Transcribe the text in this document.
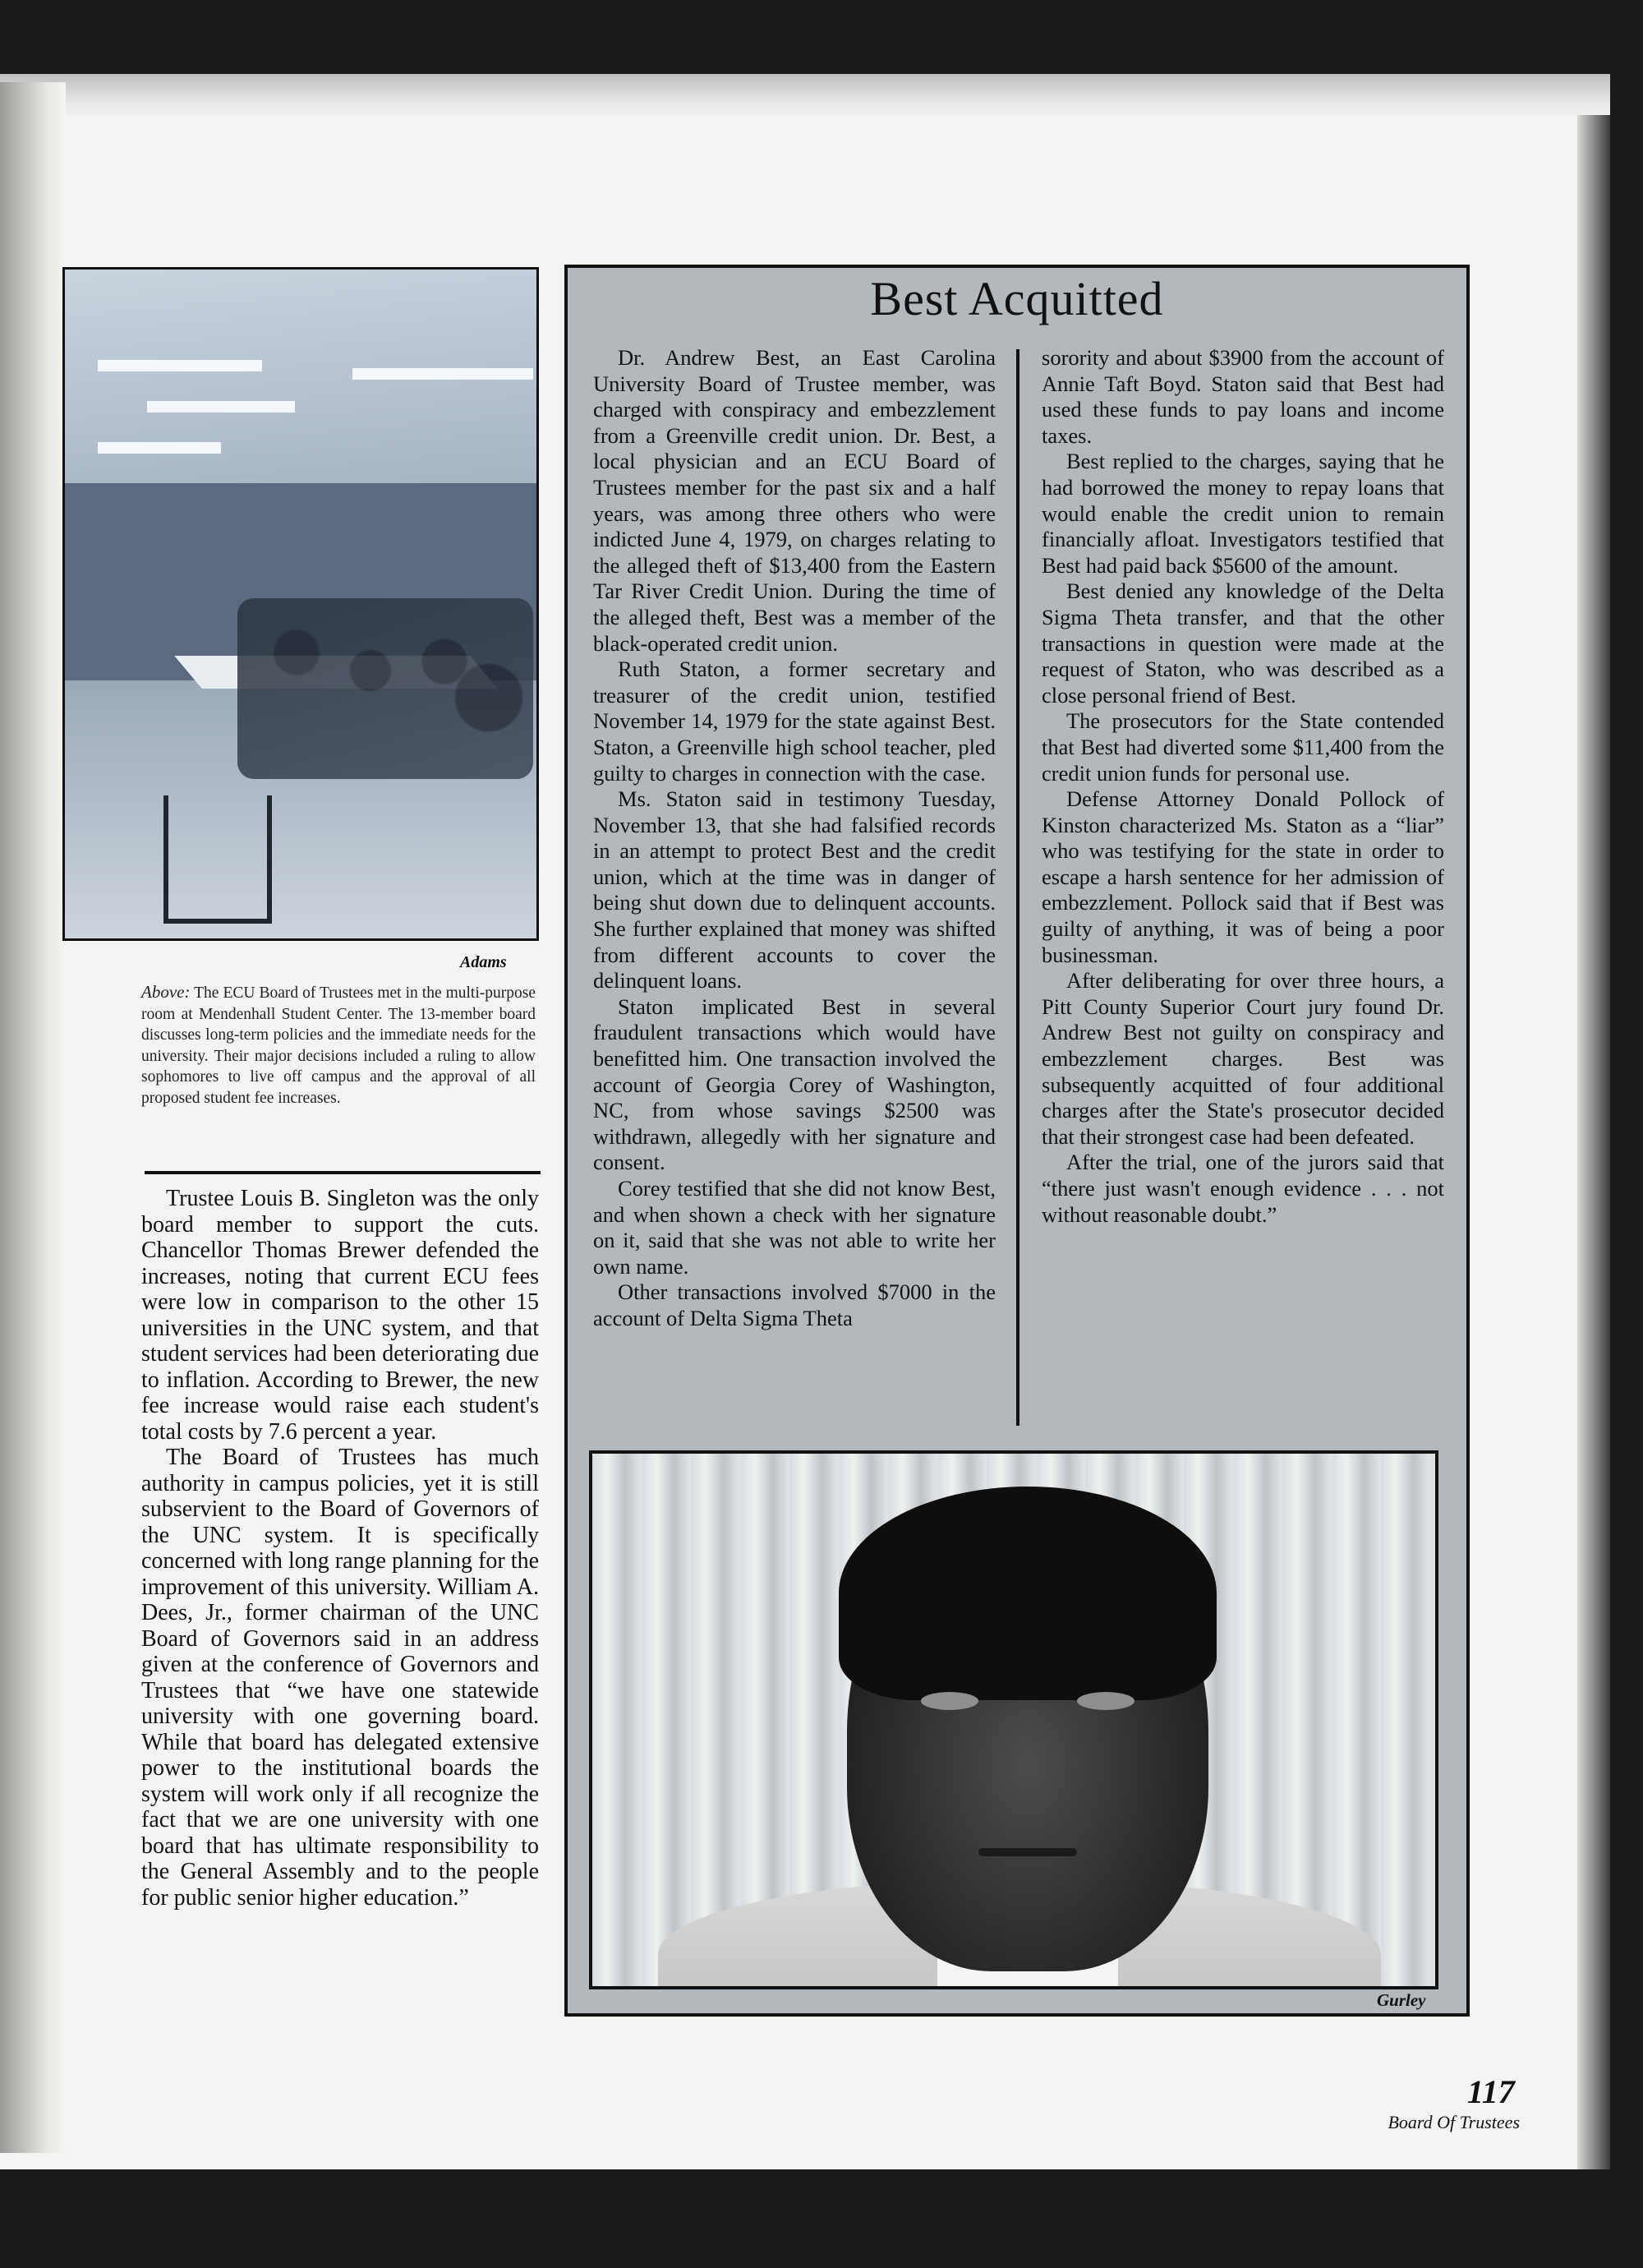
Adams
Above: The ECU Board of Trustees met in the multi-purpose room at Mendenhall Student Center. The 13-member board discusses long-term policies and the immediate needs for the university. Their major decisions included a ruling to allow sophomores to live off campus and the approval of all proposed student fee increases.

Trustee Louis B. Singleton was the only board member to support the cuts. Chancellor Thomas Brewer defended the increases, noting that current ECU fees were low in comparison to the other 15 universities in the UNC system, and that student services had been deteriorating due to inflation. According to Brewer, the new fee increase would raise each student's total costs by 7.6 percent a year.

The Board of Trustees has much authority in campus policies, yet it is still subservient to the Board of Governors of the UNC system. It is specifically concerned with long range planning for the improvement of this university. William A. Dees, Jr., former chairman of the UNC Board of Governors said in an address given at the conference of Governors and Trustees that “we have one statewide university with one governing board. While that board has delegated extensive power to the institutional boards the system will work only if all recognize the fact that we are one university with one board that has ultimate responsibility to the General Assembly and to the people for public senior higher education.”

Best Acquitted

Dr. Andrew Best, an East Carolina University Board of Trustee member, was charged with conspiracy and embezzlement from a Greenville credit union. Dr. Best, a local physician and an ECU Board of Trustees member for the past six and a half years, was among three others who were indicted June 4, 1979, on charges relating to the alleged theft of $13,400 from the Eastern Tar River Credit Union. During the time of the alleged theft, Best was a member of the black-operated credit union.

Ruth Staton, a former secretary and treasurer of the credit union, testified November 14, 1979 for the state against Best. Staton, a Greenville high school teacher, pled guilty to charges in connection with the case.

Ms. Staton said in testimony Tuesday, November 13, that she had falsified records in an attempt to protect Best and the credit union, which at the time was in danger of being shut down due to delinquent accounts. She further explained that money was shifted from different accounts to cover the delinquent loans.

Staton implicated Best in several fraudulent transactions which would have benefitted him. One transaction involved the account of Georgia Corey of Washington, NC, from whose savings $2500 was withdrawn, allegedly with her signature and consent.

Corey testified that she did not know Best, and when shown a check with her signature on it, said that she was not able to write her own name.

Other transactions involved $7000 in the account of Delta Sigma Theta

sorority and about $3900 from the account of Annie Taft Boyd. Staton said that Best had used these funds to pay loans and income taxes.

Best replied to the charges, saying that he had borrowed the money to repay loans that would enable the credit union to remain financially afloat. Investigators testified that Best had paid back $5600 of the amount.

Best denied any knowledge of the Delta Sigma Theta transfer, and that the other transactions in question were made at the request of Staton, who was described as a close personal friend of Best.

The prosecutors for the State contended that Best had diverted some $11,400 from the credit union funds for personal use.

Defense Attorney Donald Pollock of Kinston characterized Ms. Staton as a “liar” who was testifying for the state in order to escape a harsh sentence for her admission of embezzlement. Pollock said that if Best was guilty of anything, it was of being a poor businessman.

After deliberating for over three hours, a Pitt County Superior Court jury found Dr. Andrew Best not guilty on conspiracy and embezzlement charges. Best was subsequently acquitted of four additional charges after the State's prosecutor decided that their strongest case had been defeated.

After the trial, one of the jurors said that “there just wasn't enough evidence . . . not without reasonable doubt.”

Gurley
117
Board Of Trustees
